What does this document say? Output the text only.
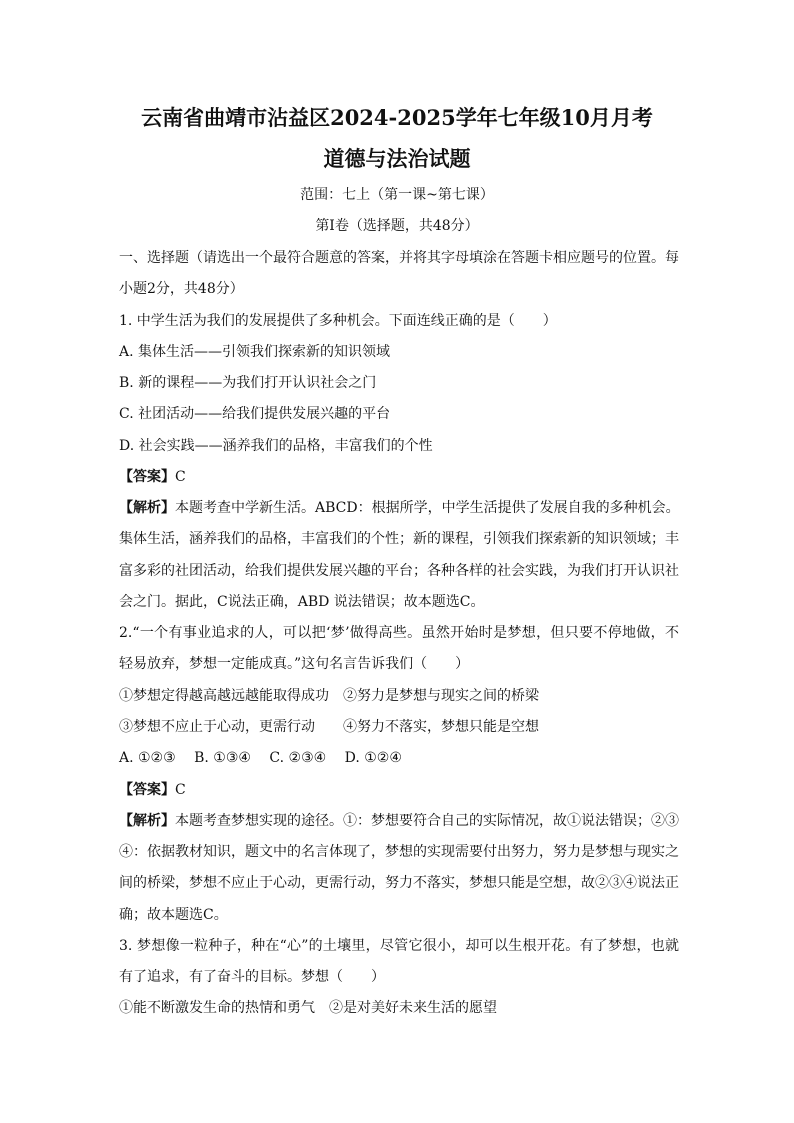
云南省曲靖市沾益区2024-2025学年七年级10月月考
道德与法治试题
范围：七上（第一课~第七课）
第Ⅰ卷（选择题，共48分）
一、选择题（请选出一个最符合题意的答案，并将其字母填涂在答题卡相应题号的位置。每
小题2分，共48分）
1. 中学生活为我们的发展提供了多种机会。下面连线正确的是（　　）
A. 集体生活——引领我们探索新的知识领域
B. 新的课程——为我们打开认识社会之门
C. 社团活动——给我们提供发展兴趣的平台
D. 社会实践——涵养我们的品格，丰富我们的个性
【答案】C
【解析】本题考查中学新生活。ABCD：根据所学，中学生活提供了发展自我的多种机会。
集体生活，涵养我们的品格，丰富我们的个性；新的课程，引领我们探索新的知识领域；丰
富多彩的社团活动，给我们提供发展兴趣的平台；各种各样的社会实践，为我们打开认识社
会之门。据此，C说法正确，ABD 说法错误；故本题选C。
2.“一个有事业追求的人，可以把‘梦’做得高些。虽然开始时是梦想，但只要不停地做，不
轻易放弃，梦想一定能成真。”这句名言告诉我们（　　）
①梦想定得越高越远越能取得成功　②努力是梦想与现实之间的桥梁
③梦想不应止于心动，更需行动　　④努力不落实，梦想只能是空想
A. ①②③　 B. ①③④　 C. ②③④　 D. ①②④
【答案】C
【解析】本题考查梦想实现的途径。①：梦想要符合自己的实际情况，故①说法错误；②③
④：依据教材知识，题文中的名言体现了，梦想的实现需要付出努力，努力是梦想与现实之
间的桥梁，梦想不应止于心动，更需行动，努力不落实，梦想只能是空想，故②③④说法正
确；故本题选C。
3. 梦想像一粒种子，种在“心”的土壤里，尽管它很小，却可以生根开花。有了梦想，也就
有了追求，有了奋斗的目标。梦想（　　）
①能不断激发生命的热情和勇气　②是对美好未来生活的愿望
